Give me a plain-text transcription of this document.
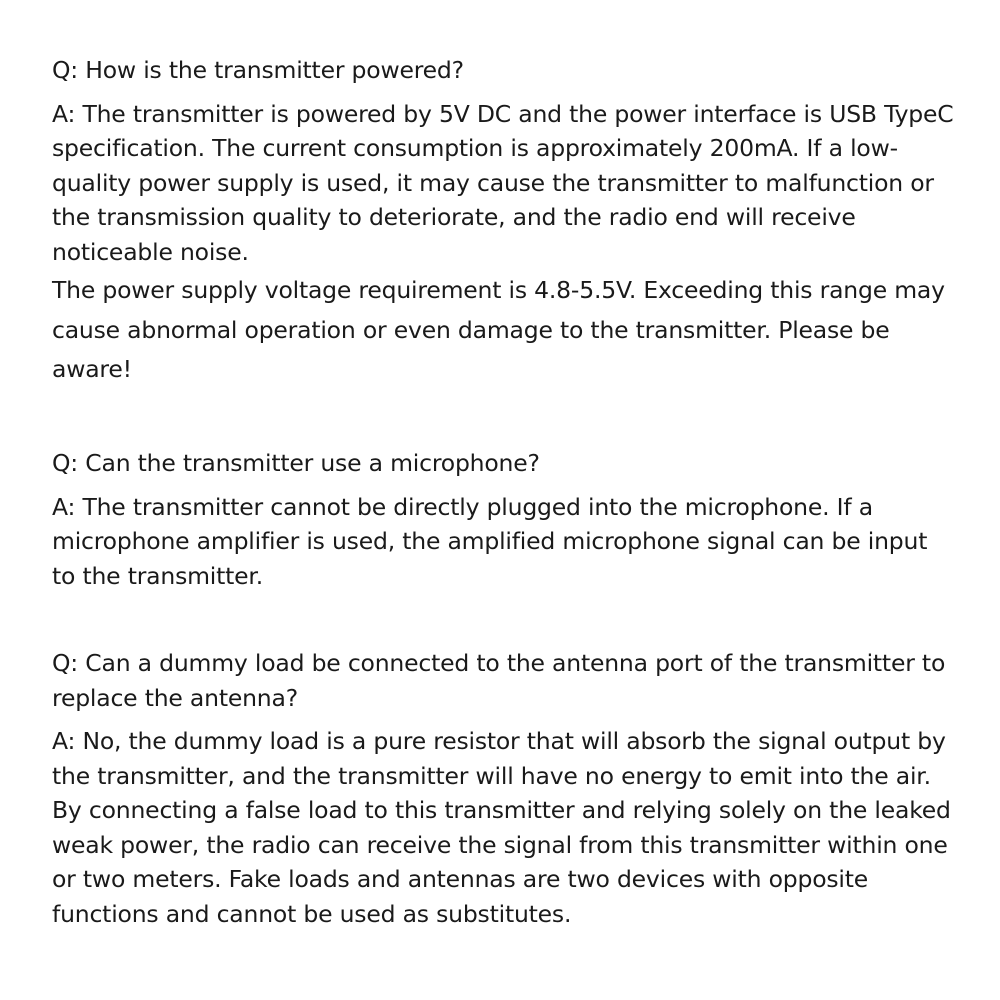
Q: How is the transmitter powered?

A: The transmitter is powered by 5V DC and the power interface is USB TypeC specification. The current consumption is approximately 200mA. If a low-quality power supply is used, it may cause the transmitter to malfunction or the transmission quality to deteriorate, and the radio end will receive noticeable noise.

The power supply voltage requirement is 4.8-5.5V. Exceeding this range may cause abnormal operation or even damage to the transmitter. Please be aware!

Q: Can the transmitter use a microphone?

A: The transmitter cannot be directly plugged into the microphone. If a microphone amplifier is used, the amplified microphone signal can be input to the transmitter.

Q: Can a dummy load be connected to the antenna port of the transmitter to replace the antenna?

A: No, the dummy load is a pure resistor that will absorb the signal output by the transmitter, and the transmitter will have no energy to emit into the air. By connecting a false load to this transmitter and relying solely on the leaked weak power, the radio can receive the signal from this transmitter within one or two meters. Fake loads and antennas are two devices with opposite functions and cannot be used as substitutes.
